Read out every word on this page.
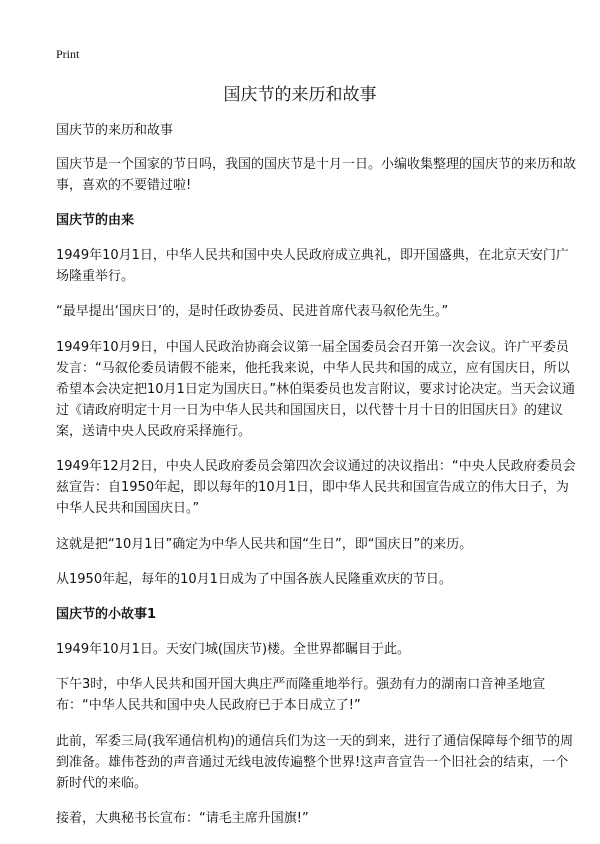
Print
国庆节的来历和故事

国庆节的来历和故事

国庆节是一个国家的节日吗，我国的国庆节是十月一日。小编收集整理的国庆节的来历和故事，喜欢的不要错过啦!

国庆节的由来

1949年10月1日，中华人民共和国中央人民政府成立典礼，即开国盛典，在北京天安门广场隆重举行。

“最早提出‘国庆日’的，是时任政协委员、民进首席代表马叙伦先生。”

1949年10月9日，中国人民政治协商会议第一届全国委员会召开第一次会议。许广平委员发言：“马叙伦委员请假不能来，他托我来说，中华人民共和国的成立，应有国庆日，所以希望本会决定把10月1日定为国庆日。”林伯渠委员也发言附议，要求讨论决定。当天会议通过《请政府明定十月一日为中华人民共和国国庆日，以代替十月十日的旧国庆日》的建议案，送请中央人民政府采择施行。

1949年12月2日，中央人民政府委员会第四次会议通过的决议指出：“中央人民政府委员会兹宣告：自1950年起，即以每年的10月1日，即中华人民共和国宣告成立的伟大日子，为中华人民共和国国庆日。”

这就是把“10月1日”确定为中华人民共和国“生日”，即“国庆日”的来历。

从1950年起，每年的10月1日成为了中国各族人民隆重欢庆的节日。

国庆节的小故事1

1949年10月1日。天安门城(国庆节)楼。全世界都瞩目于此。

下午3时，中华人民共和国开国大典庄严而隆重地举行。强劲有力的湖南口音神圣地宣布：“中华人民共和国中央人民政府已于本日成立了!”

此前，军委三局(我军通信机构)的通信兵们为这一天的到来，进行了通信保障每个细节的周到准备。雄伟苍劲的声音通过无线电波传遍整个世界!这声音宣告一个旧社会的结束，一个新时代的来临。

接着，大典秘书长宣布：“请毛主席升国旗!”
